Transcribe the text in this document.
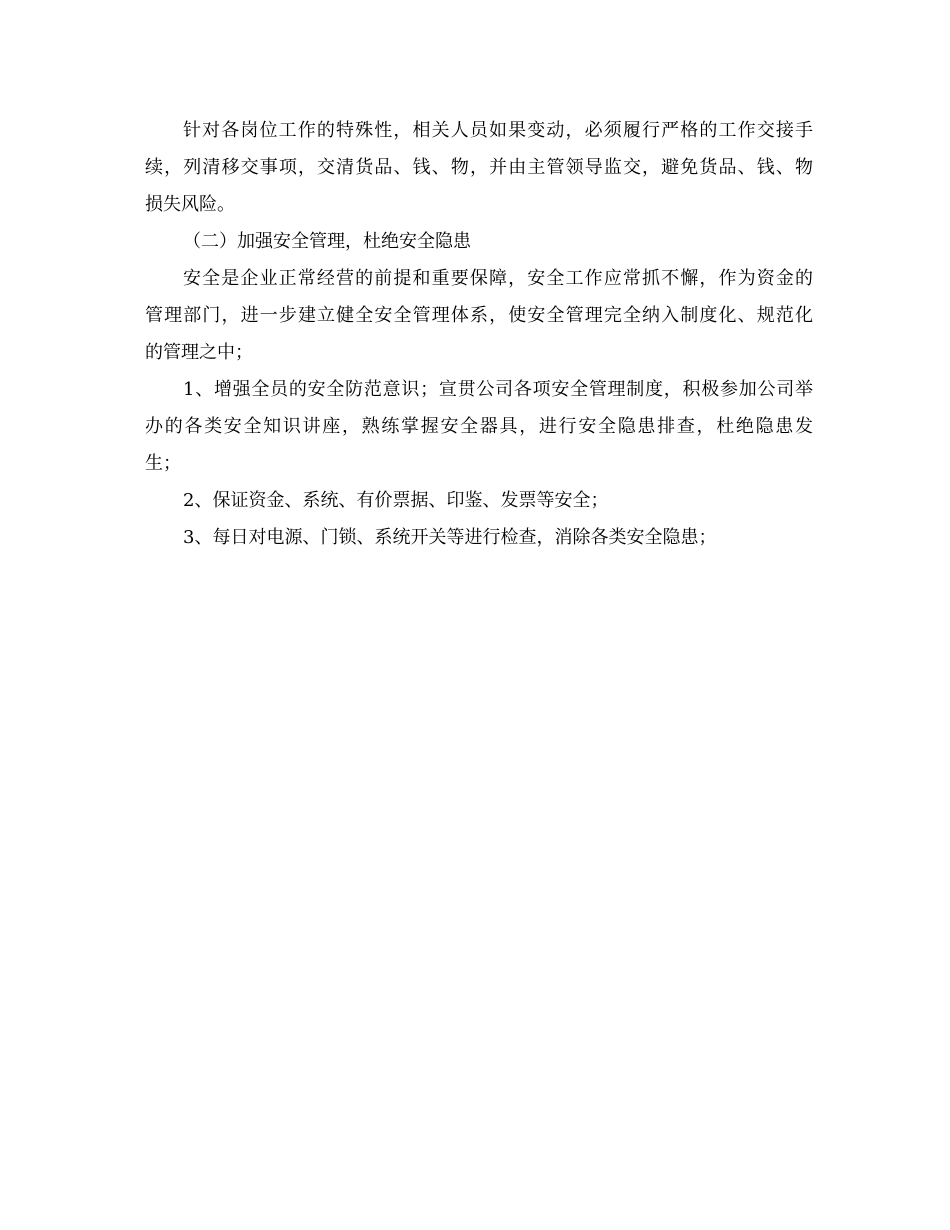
针对各岗位工作的特殊性，相关人员如果变动，必须履行严格的工作交接手
续，列清移交事项，交清货品、钱、物，并由主管领导监交，避免货品、钱、物
损失风险。
（二）加强安全管理，杜绝安全隐患
安全是企业正常经营的前提和重要保障，安全工作应常抓不懈，作为资金的
管理部门，进一步建立健全安全管理体系，使安全管理完全纳入制度化、规范化
的管理之中；
1、增强全员的安全防范意识；宣贯公司各项安全管理制度，积极参加公司举
办的各类安全知识讲座，熟练掌握安全器具，进行安全隐患排查，杜绝隐患发
生；
2、保证资金、系统、有价票据、印鉴、发票等安全；
3、每日对电源、门锁、系统开关等进行检查，消除各类安全隐患；
